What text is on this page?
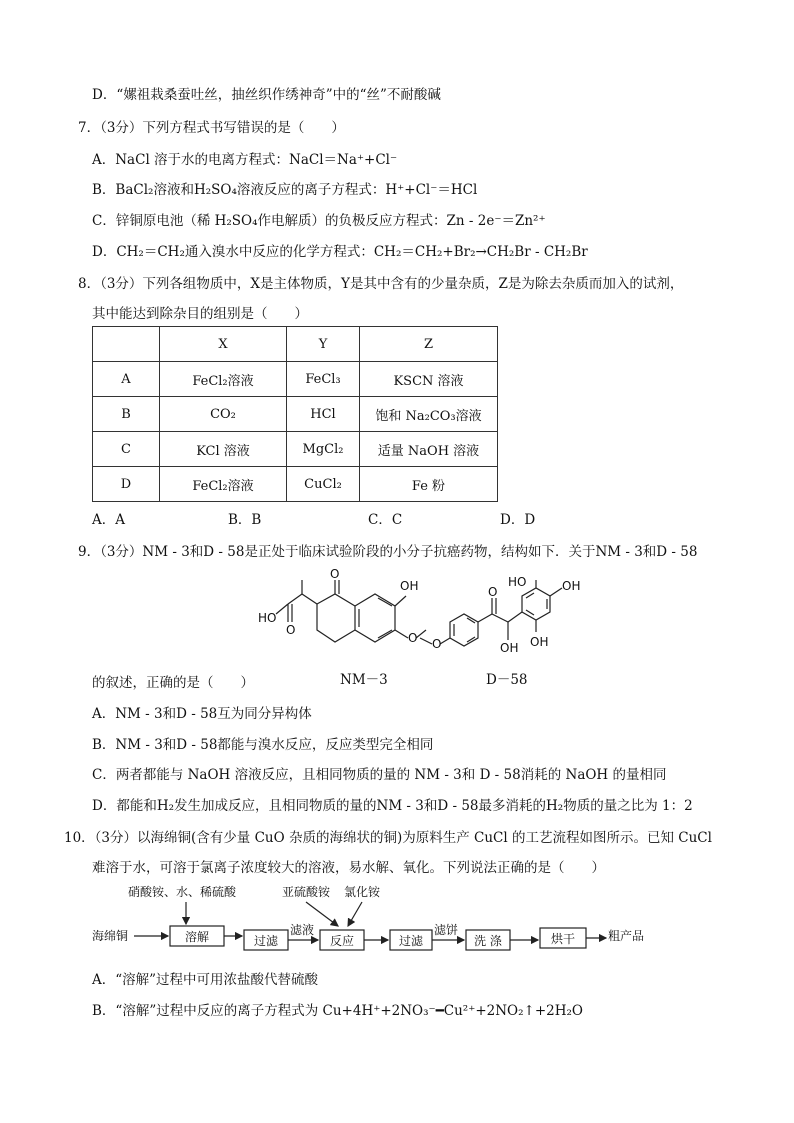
D．“嫘祖栽桑蚕吐丝，抽丝织作绣神奇”中的“丝”不耐酸碱
7．（3分）下列方程式书写错误的是（　　）
A．NaCl 溶于水的电离方程式：NaCl＝Na⁺+Cl⁻
B．BaCl₂溶液和H₂SO₄溶液反应的离子方程式：H⁺+Cl⁻＝HCl
C．锌铜原电池（稀 H₂SO₄作电解质）的负极反应方程式：Zn - 2e⁻＝Zn²⁺
D．CH₂＝CH₂通入溴水中反应的化学方程式：CH₂＝CH₂+Br₂→CH₂Br - CH₂Br
8．（3分）下列各组物质中，X是主体物质，Y是其中含有的少量杂质，Z是为除去杂质而加入的试剂，
其中能达到除杂目的组别是（　　）
	X	Y	Z
A	FeCl₂溶液	FeCl₃	KSCN 溶液
B	CO₂	HCl	饱和 Na₂CO₃溶液
C	KCl 溶液	MgCl₂	适量 NaOH 溶液
D	FeCl₂溶液	CuCl₂	Fe 粉
A．A	B．B	C．C	D．D
9．（3分）NM - 3和D - 58是正处于临床试验阶段的小分子抗癌药物，结构如下．关于NM - 3和D - 58
O
OH
O
HO
O
O
O
OH
HO	OH
OH
的叙述，正确的是（　　）	NM－3	D－58
A．NM - 3和D - 58互为同分异构体
B．NM - 3和D - 58都能与溴水反应，反应类型完全相同
C．两者都能与 NaOH 溶液反应，且相同物质的量的 NM - 3和 D - 58消耗的 NaOH 的量相同
D．都能和H₂发生加成反应，且相同物质的量的NM - 3和D - 58最多消耗的H₂物质的量之比为 1：2
10．（3分）以海绵铜(含有少量 CuO 杂质的海绵状的铜)为原料生产 CuCl 的工艺流程如图所示。已知 CuCl
难溶于水，可溶于氯离子浓度较大的溶液，易水解、氧化。下列说法正确的是（　　）
硝酸铵、水、稀硫酸	亚硫酸铵 氯化铵
海绵铜	滤液	滤饼	粗产品
溶解	过滤	反应	过滤	洗 涤	烘干
A．“溶解”过程中可用浓盐酸代替硫酸
B．“溶解”过程中反应的离子方程式为 Cu+4H⁺+2NO₃⁻━Cu²⁺+2NO₂↑+2H₂O
